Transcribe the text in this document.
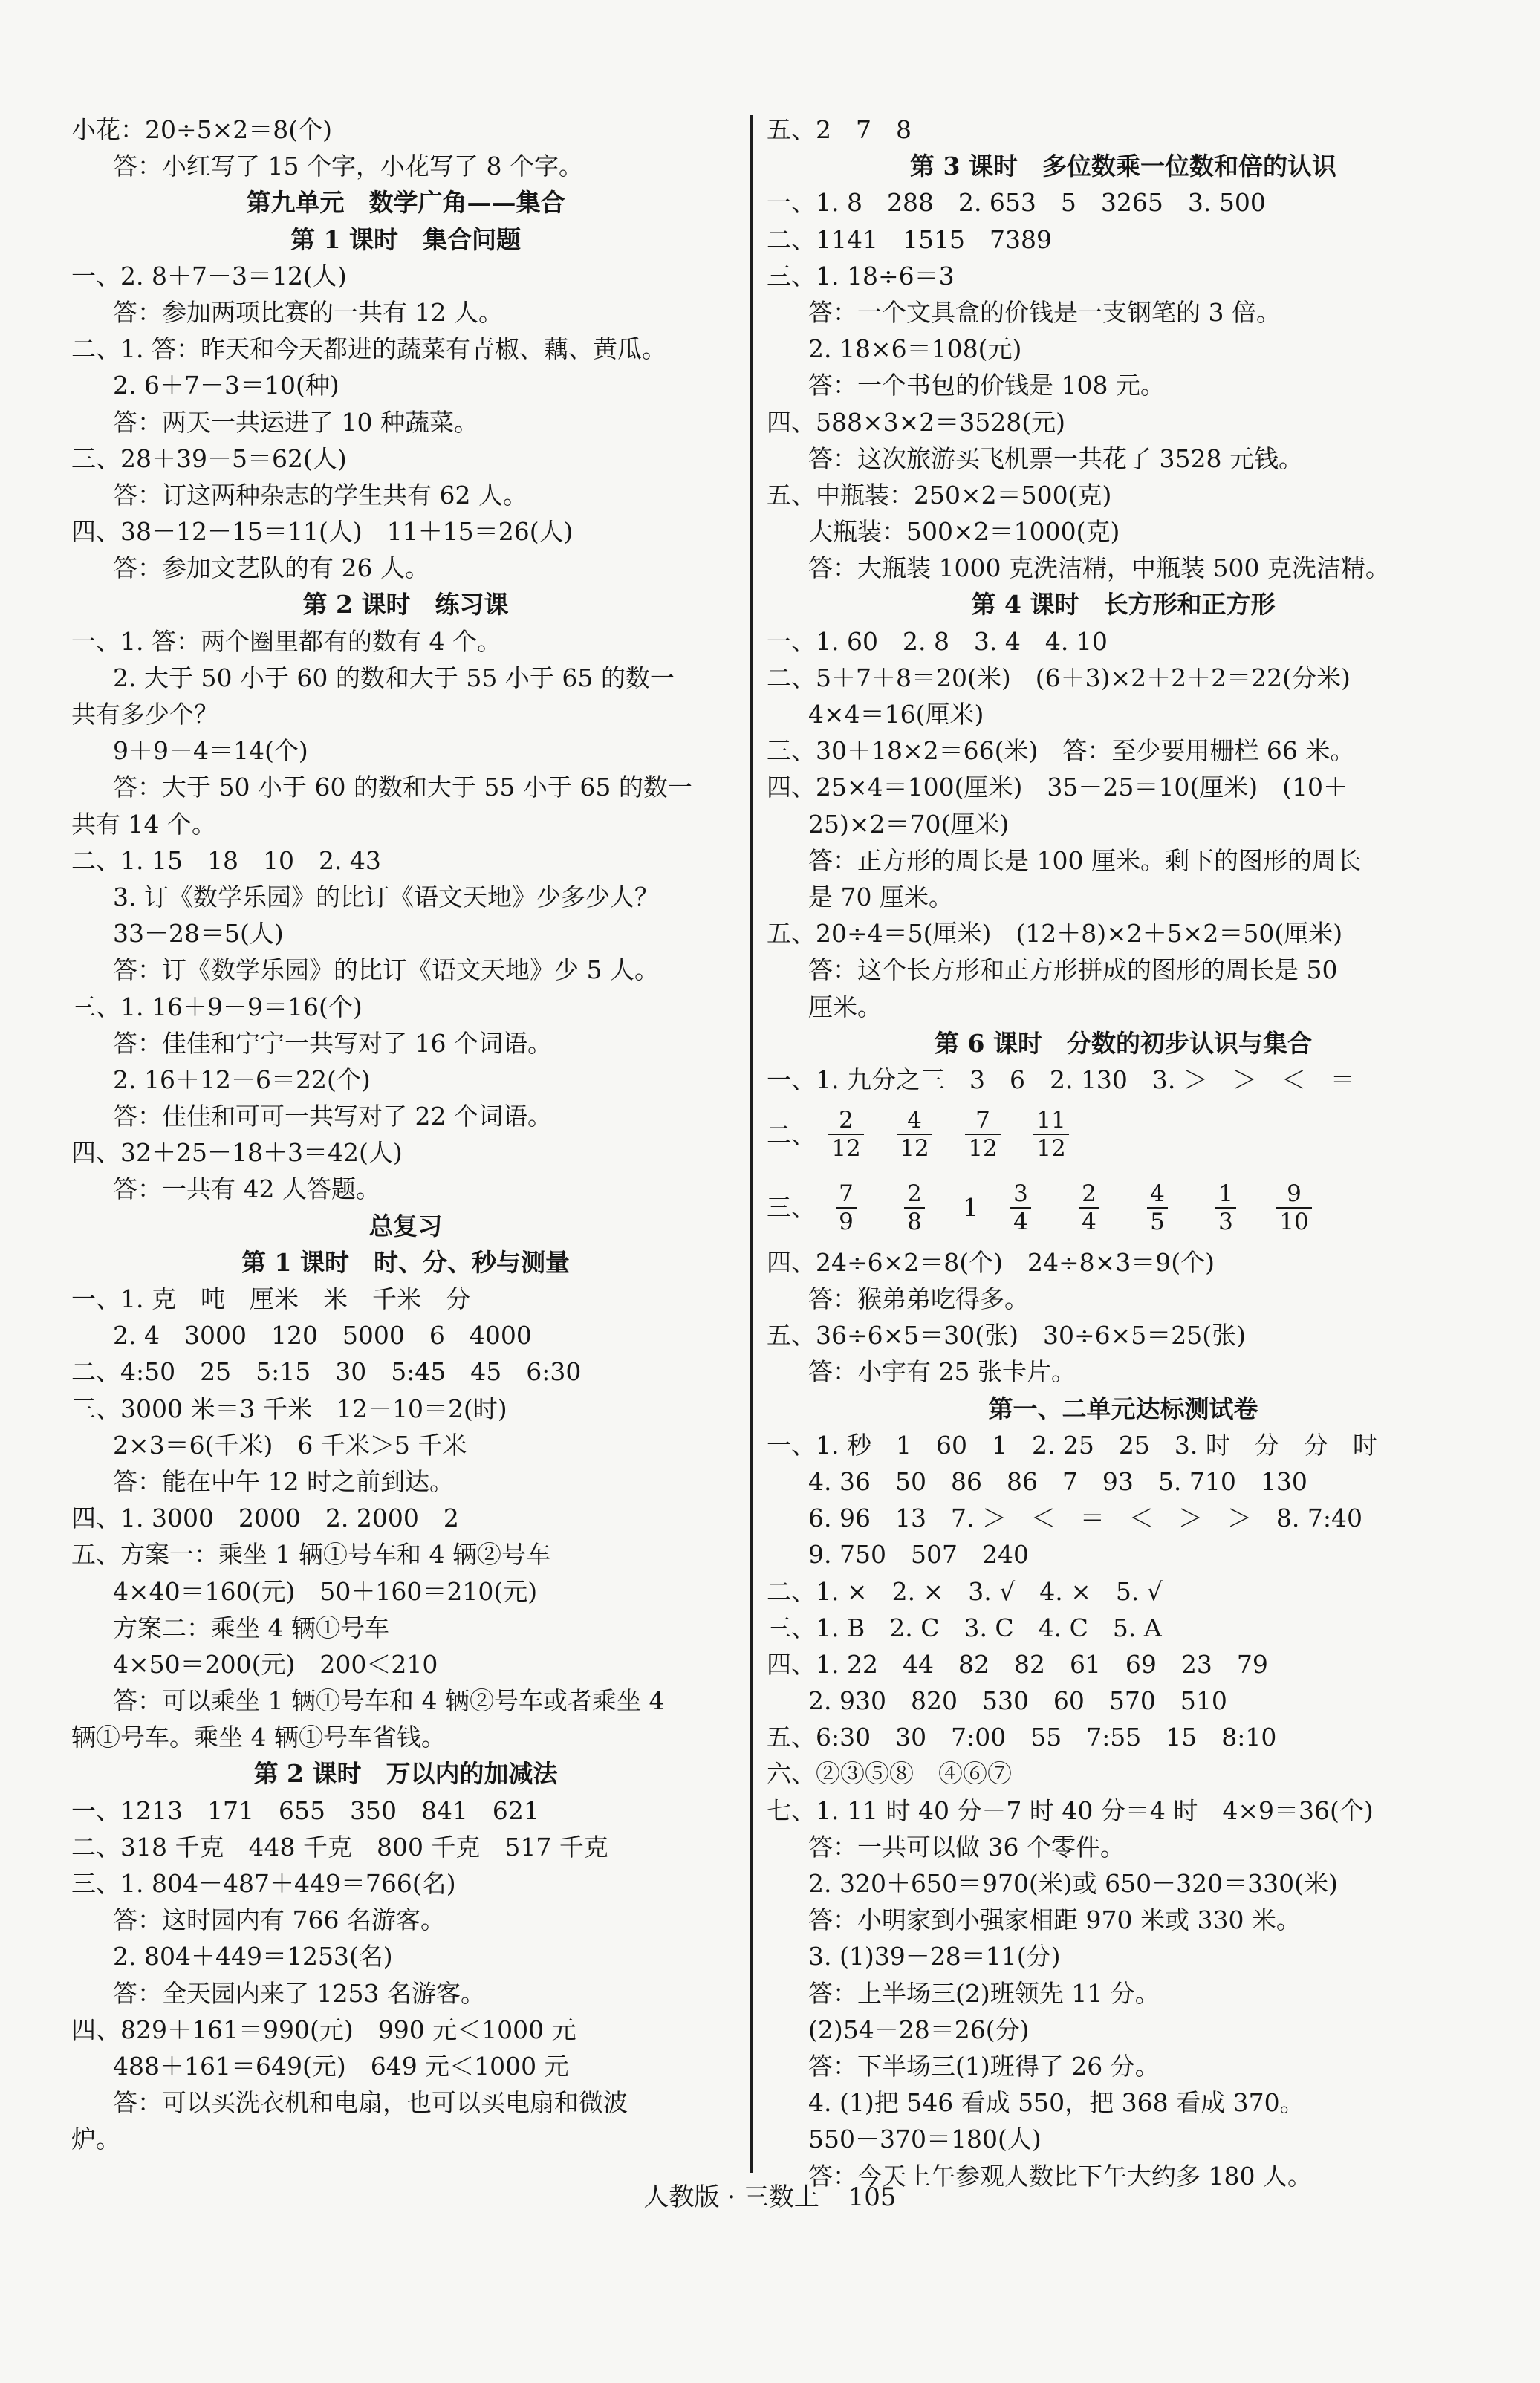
小花：20÷5×2＝8(个)
答：小红写了 15 个字，小花写了 8 个字。
第九单元　数学广角——集合
第 1 课时　集合问题
一、2. 8＋7－3＝12(人)
答：参加两项比赛的一共有 12 人。
二、1. 答：昨天和今天都进的蔬菜有青椒、藕、黄瓜。
2. 6＋7－3＝10(种)
答：两天一共运进了 10 种蔬菜。
三、28＋39－5＝62(人)
答：订这两种杂志的学生共有 62 人。
四、38－12－15＝11(人)　11＋15＝26(人)
答：参加文艺队的有 26 人。
第 2 课时　练习课
一、1. 答：两个圈里都有的数有 4 个。
2. 大于 50 小于 60 的数和大于 55 小于 65 的数一
共有多少个？
9＋9－4＝14(个)
答：大于 50 小于 60 的数和大于 55 小于 65 的数一
共有 14 个。
二、1. 15　18　10　2. 43
3. 订《数学乐园》的比订《语文天地》少多少人？
33－28＝5(人)
答：订《数学乐园》的比订《语文天地》少 5 人。
三、1. 16＋9－9＝16(个)
答：佳佳和宁宁一共写对了 16 个词语。
2. 16＋12－6＝22(个)
答：佳佳和可可一共写对了 22 个词语。
四、32＋25－18＋3＝42(人)
答：一共有 42 人答题。
总复习
第 1 课时　时、分、秒与测量
一、1. 克　吨　厘米　米　千米　分
2. 4　3000　120　5000　6　4000
二、4:50　25　5:15　30　5:45　45　6:30
三、3000 米＝3 千米　12－10＝2(时)
2×3＝6(千米)　6 千米＞5 千米
答：能在中午 12 时之前到达。
四、1. 3000　2000　2. 2000　2
五、方案一：乘坐 1 辆①号车和 4 辆②号车
4×40＝160(元)　50＋160＝210(元)
方案二：乘坐 4 辆①号车
4×50＝200(元)　200＜210
答：可以乘坐 1 辆①号车和 4 辆②号车或者乘坐 4
辆①号车。乘坐 4 辆①号车省钱。
第 2 课时　万以内的加减法
一、1213　171　655　350　841　621
二、318 千克　448 千克　800 千克　517 千克
三、1. 804－487＋449＝766(名)
答：这时园内有 766 名游客。
2. 804＋449＝1253(名)
答：全天园内来了 1253 名游客。
四、829＋161＝990(元)　990 元＜1000 元
488＋161＝649(元)　649 元＜1000 元
答：可以买洗衣机和电扇，也可以买电扇和微波
炉。
五、2　7　8
第 3 课时　多位数乘一位数和倍的认识
一、1. 8　288　2. 653　5　3265　3. 500
二、1141　1515　7389
三、1. 18÷6＝3
答：一个文具盒的价钱是一支钢笔的 3 倍。
2. 18×6＝108(元)
答：一个书包的价钱是 108 元。
四、588×3×2＝3528(元)
答：这次旅游买飞机票一共花了 3528 元钱。
五、中瓶装：250×2＝500(克)
大瓶装：500×2＝1000(克)
答：大瓶装 1000 克洗洁精，中瓶装 500 克洗洁精。
第 4 课时　长方形和正方形
一、1. 60　2. 8　3. 4　4. 10
二、5＋7＋8＝20(米)　(6＋3)×2＋2＋2＝22(分米)
4×4＝16(厘米)
三、30＋18×2＝66(米)　答：至少要用栅栏 66 米。
四、25×4＝100(厘米)　35－25＝10(厘米)　(10＋
25)×2＝70(厘米)
答：正方形的周长是 100 厘米。剩下的图形的周长
是 70 厘米。
五、20÷4＝5(厘米)　(12＋8)×2＋5×2＝50(厘米)
答：这个长方形和正方形拼成的图形的周长是 50
厘米。
第 6 课时　分数的初步认识与集合
一、1. 九分之三　3　6　2. 130　3. ＞　＞　＜　＝
二、 $\frac{2}{12} \frac{4}{12} \frac{7}{12} \frac{11}{12}$
三、 $\frac{7}{9} \frac{2}{8} 1 \frac{3}{4} \frac{2}{4} \frac{4}{5} \frac{1}{3} \frac{9}{10}$
四、24÷6×2＝8(个)　24÷8×3＝9(个)
答：猴弟弟吃得多。
五、36÷6×5＝30(张)　30÷6×5＝25(张)
答：小宇有 25 张卡片。
第一、二单元达标测试卷
一、1. 秒　1　60　1　2. 25　25　3. 时　分　分　时
4. 36　50　86　86　7　93　5. 710　130
6. 96　13　7. ＞　＜　＝　＜　＞　＞　8. 7:40
9. 750　507　240
二、1. ×　2. ×　3. √　4. ×　5. √
三、1. B　2. C　3. C　4. C　5. A
四、1. 22　44　82　82　61　69　23　79
2. 930　820　530　60　570　510
五、6:30　30　7:00　55　7:55　15　8:10
六、②③⑤⑧　④⑥⑦
七、1. 11 时 40 分－7 时 40 分＝4 时　4×9＝36(个)
答：一共可以做 36 个零件。
2. 320＋650＝970(米)或 650－320＝330(米)
答：小明家到小强家相距 970 米或 330 米。
3. (1)39－28＝11(分)
答：上半场三(2)班领先 11 分。
(2)54－28＝26(分)
答：下半场三(1)班得了 26 分。
4. (1)把 546 看成 550，把 368 看成 370。
550－370＝180(人)
答：今天上午参观人数比下午大约多 180 人。
人教版 · 三数上 105
